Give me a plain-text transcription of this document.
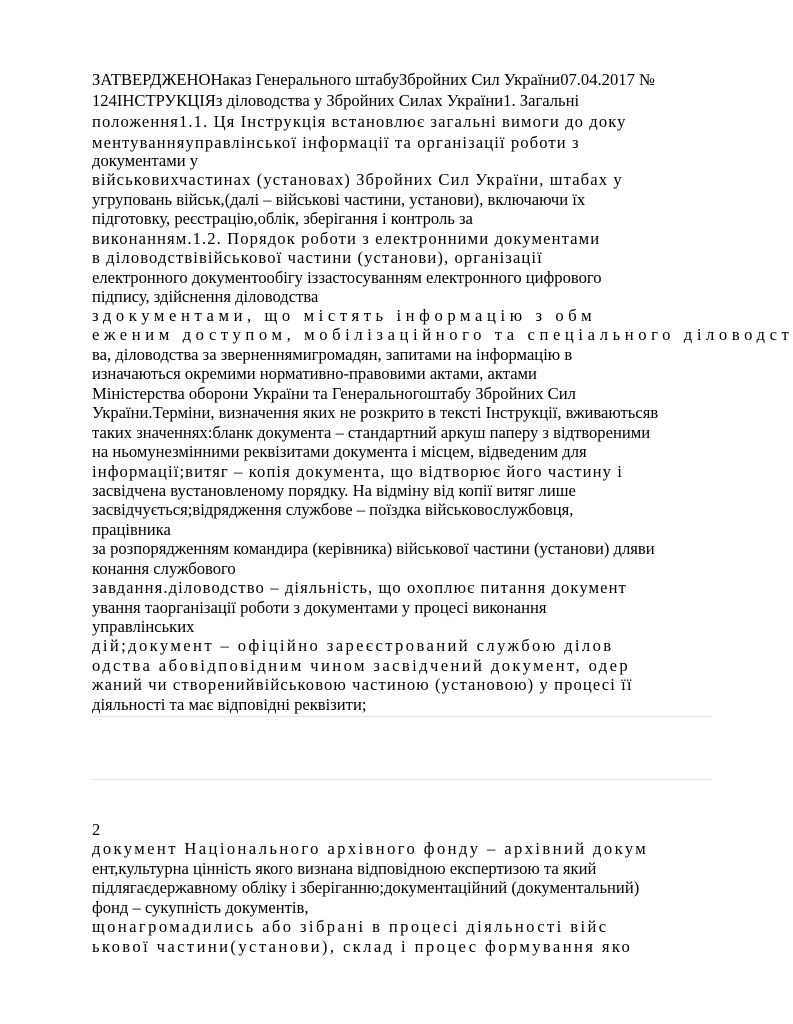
ЗАТВЕРДЖЕНОНаказ Генерального штабуЗбройних Сил України07.04.2017 №
124ІНСТРУКЦІЯз діловодства у Збройних Силах України1. Загальні
положення1.1. Ця Інструкція встановлює загальні вимоги до доку
ментуванняуправлінської інформації та організації роботи з
документами у
військовихчастинах (установах) Збройних Сил України, штабах у
угруповань військ,(далі – військові частини, установи), включаючи їх
підготовку, реєстрацію,облік, зберігання і контроль за
виконанням.1.2. Порядок роботи з електронними документами
в діловодствівійськової частини (установи), організації
електронного документообігу іззастосуванням електронного цифрового
підпису, здійснення діловодства
здокументами, що містять інформацію з обм
еженим доступом, мобілізаційного та спеціального діловодст
ва, діловодства за зверненнямигромадян, запитами на інформацію в
изначаються окремими нормативно-правовими актами, актами
Міністерства оборони України та Генеральногоштабу Збройних Сил
України.Терміни, визначення яких не розкрито в тексті Інструкції, вживаютьсяв
таких значеннях:бланк документа – стандартний аркуш паперу з відтвореними
на ньомунезмінними реквізитами документа і місцем, відведеним для
інформації;витяг – копія документа, що відтворює його частину і
засвідчена вустановленому порядку. На відміну від копії витяг лише
засвідчується;відрядження службове – поїздка військовослужбовця,
працівника
за розпорядженням командира (керівника) військової частини (установи) дляви
конання службового
завдання.діловодство – діяльність, що охоплює питання документ
ування таорганізації роботи з документами у процесі виконання
управлінських
дій;документ – офіційно зареєстрований службою ділов
одства абовідповідним чином засвідчений документ, одер
жаний чи створенийвійськовою частиною (установою) у процесі її
діяльності та має відповідні реквізити;
2
документ Національного архівного фонду – архівний докум
ент,культурна цінність якого визнана відповідною експертизою та який
підлягаєдержавному обліку і зберіганню;документаційний (документальний)
фонд – сукупність документів,
щонагромадились або зібрані в процесі діяльності війс
ькової частини(установи), склад і процес формування яко
